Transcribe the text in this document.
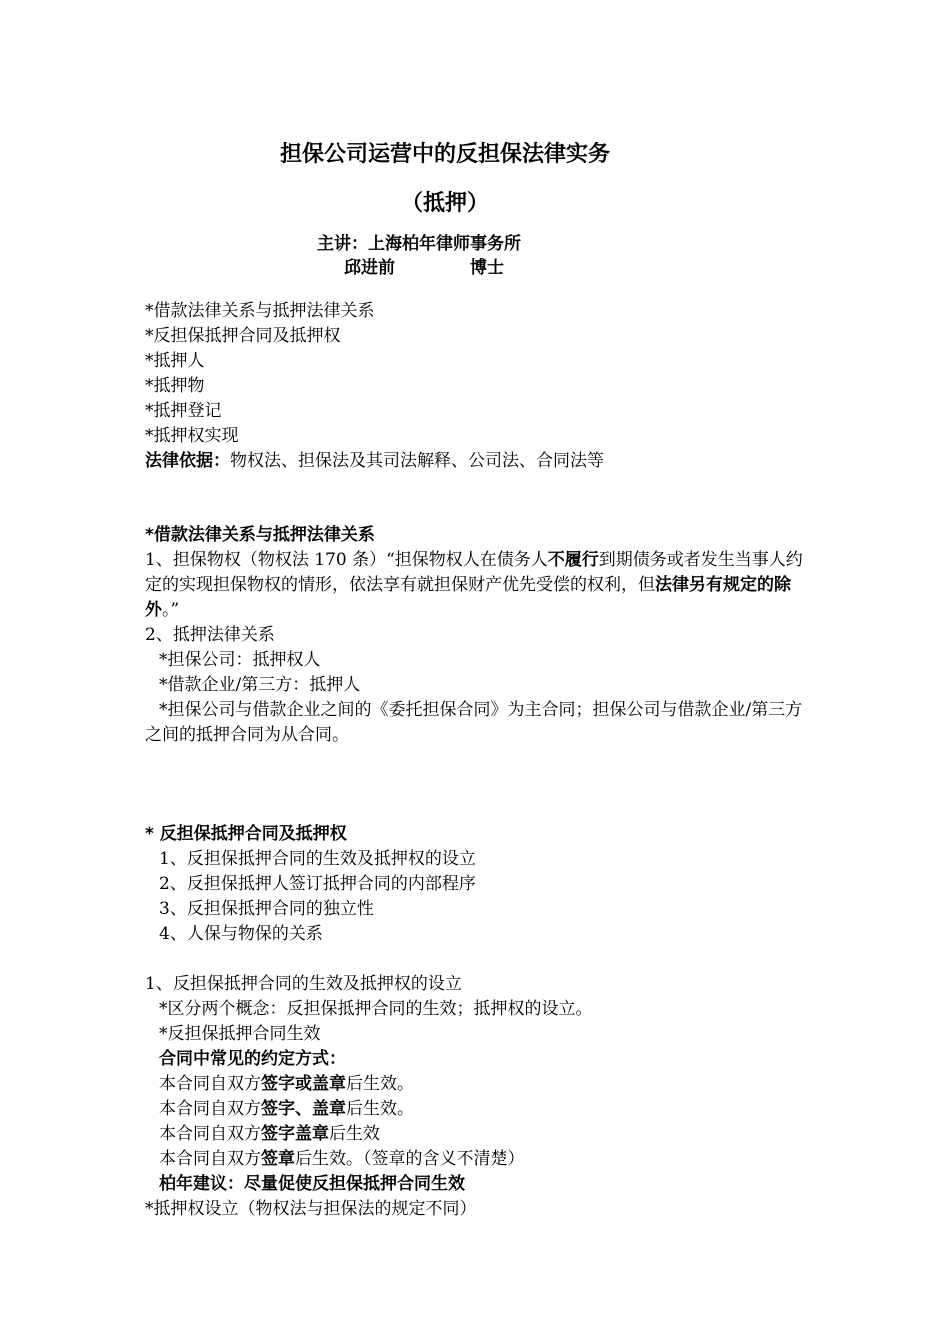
担保公司运营中的反担保法律实务
（抵押）
主讲：上海柏年律师事务所
邱进前	博士
*借款法律关系与抵押法律关系
*反担保抵押合同及抵押权
*抵押人
*抵押物
*抵押登记
*抵押权实现
法律依据：物权法、担保法及其司法解释、公司法、合同法等
*借款法律关系与抵押法律关系
1、担保物权（物权法 170 条）“担保物权人在债务人不履行到期债务或者发生当事人约定的实现担保物权的情形，依法享有就担保财产优先受偿的权利，但法律另有规定的除外。”
2、抵押法律关系
*担保公司：抵押权人
*借款企业/第三方：抵押人
*担保公司与借款企业之间的《委托担保合同》为主合同；担保公司与借款企业/第三方之间的抵押合同为从合同。
* 反担保抵押合同及抵押权
1、反担保抵押合同的生效及抵押权的设立
2、反担保抵押人签订抵押合同的内部程序
3、反担保抵押合同的独立性
4、人保与物保的关系
1、反担保抵押合同的生效及抵押权的设立
*区分两个概念：反担保抵押合同的生效；抵押权的设立。
*反担保抵押合同生效
合同中常见的约定方式：
本合同自双方签字或盖章后生效。
本合同自双方签字、盖章后生效。
本合同自双方签字盖章后生效
本合同自双方签章后生效。（签章的含义不清楚）
柏年建议：尽量促使反担保抵押合同生效
*抵押权设立（物权法与担保法的规定不同）
